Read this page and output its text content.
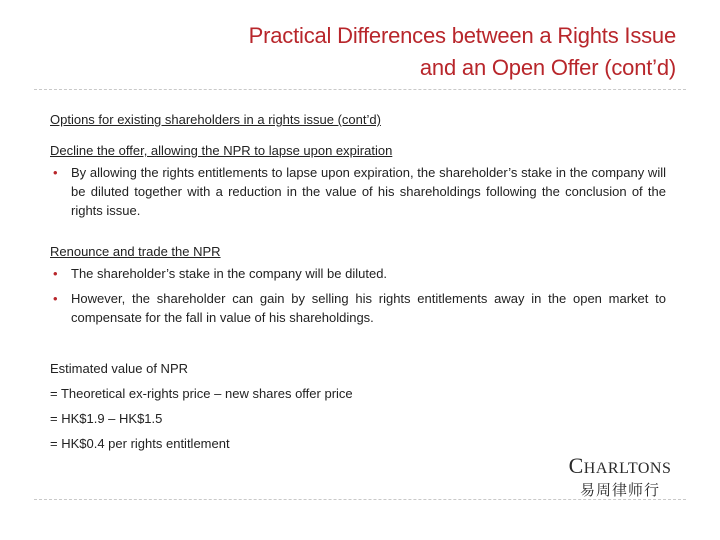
Practical Differences between a Rights Issue
and an Open Offer (cont’d)
Options for existing shareholders in a rights issue (cont’d)

Decline the offer, allowing the NPR to lapse upon expiration

• By allowing the rights entitlements to lapse upon expiration, the shareholder’s stake in the company will be diluted together with a reduction in the value of his shareholdings following the conclusion of the rights issue.

Renounce and trade the NPR

• The shareholder’s stake in the company will be diluted.
• However, the shareholder can gain by selling his rights entitlements away in the open market to compensate for the fall in value of his shareholdings.

Estimated value of NPR

= Theoretical ex-rights price – new shares offer price

= HK$1.9 – HK$1.5

= HK$0.4 per rights entitlement

CHARLTONS
易周律师行
